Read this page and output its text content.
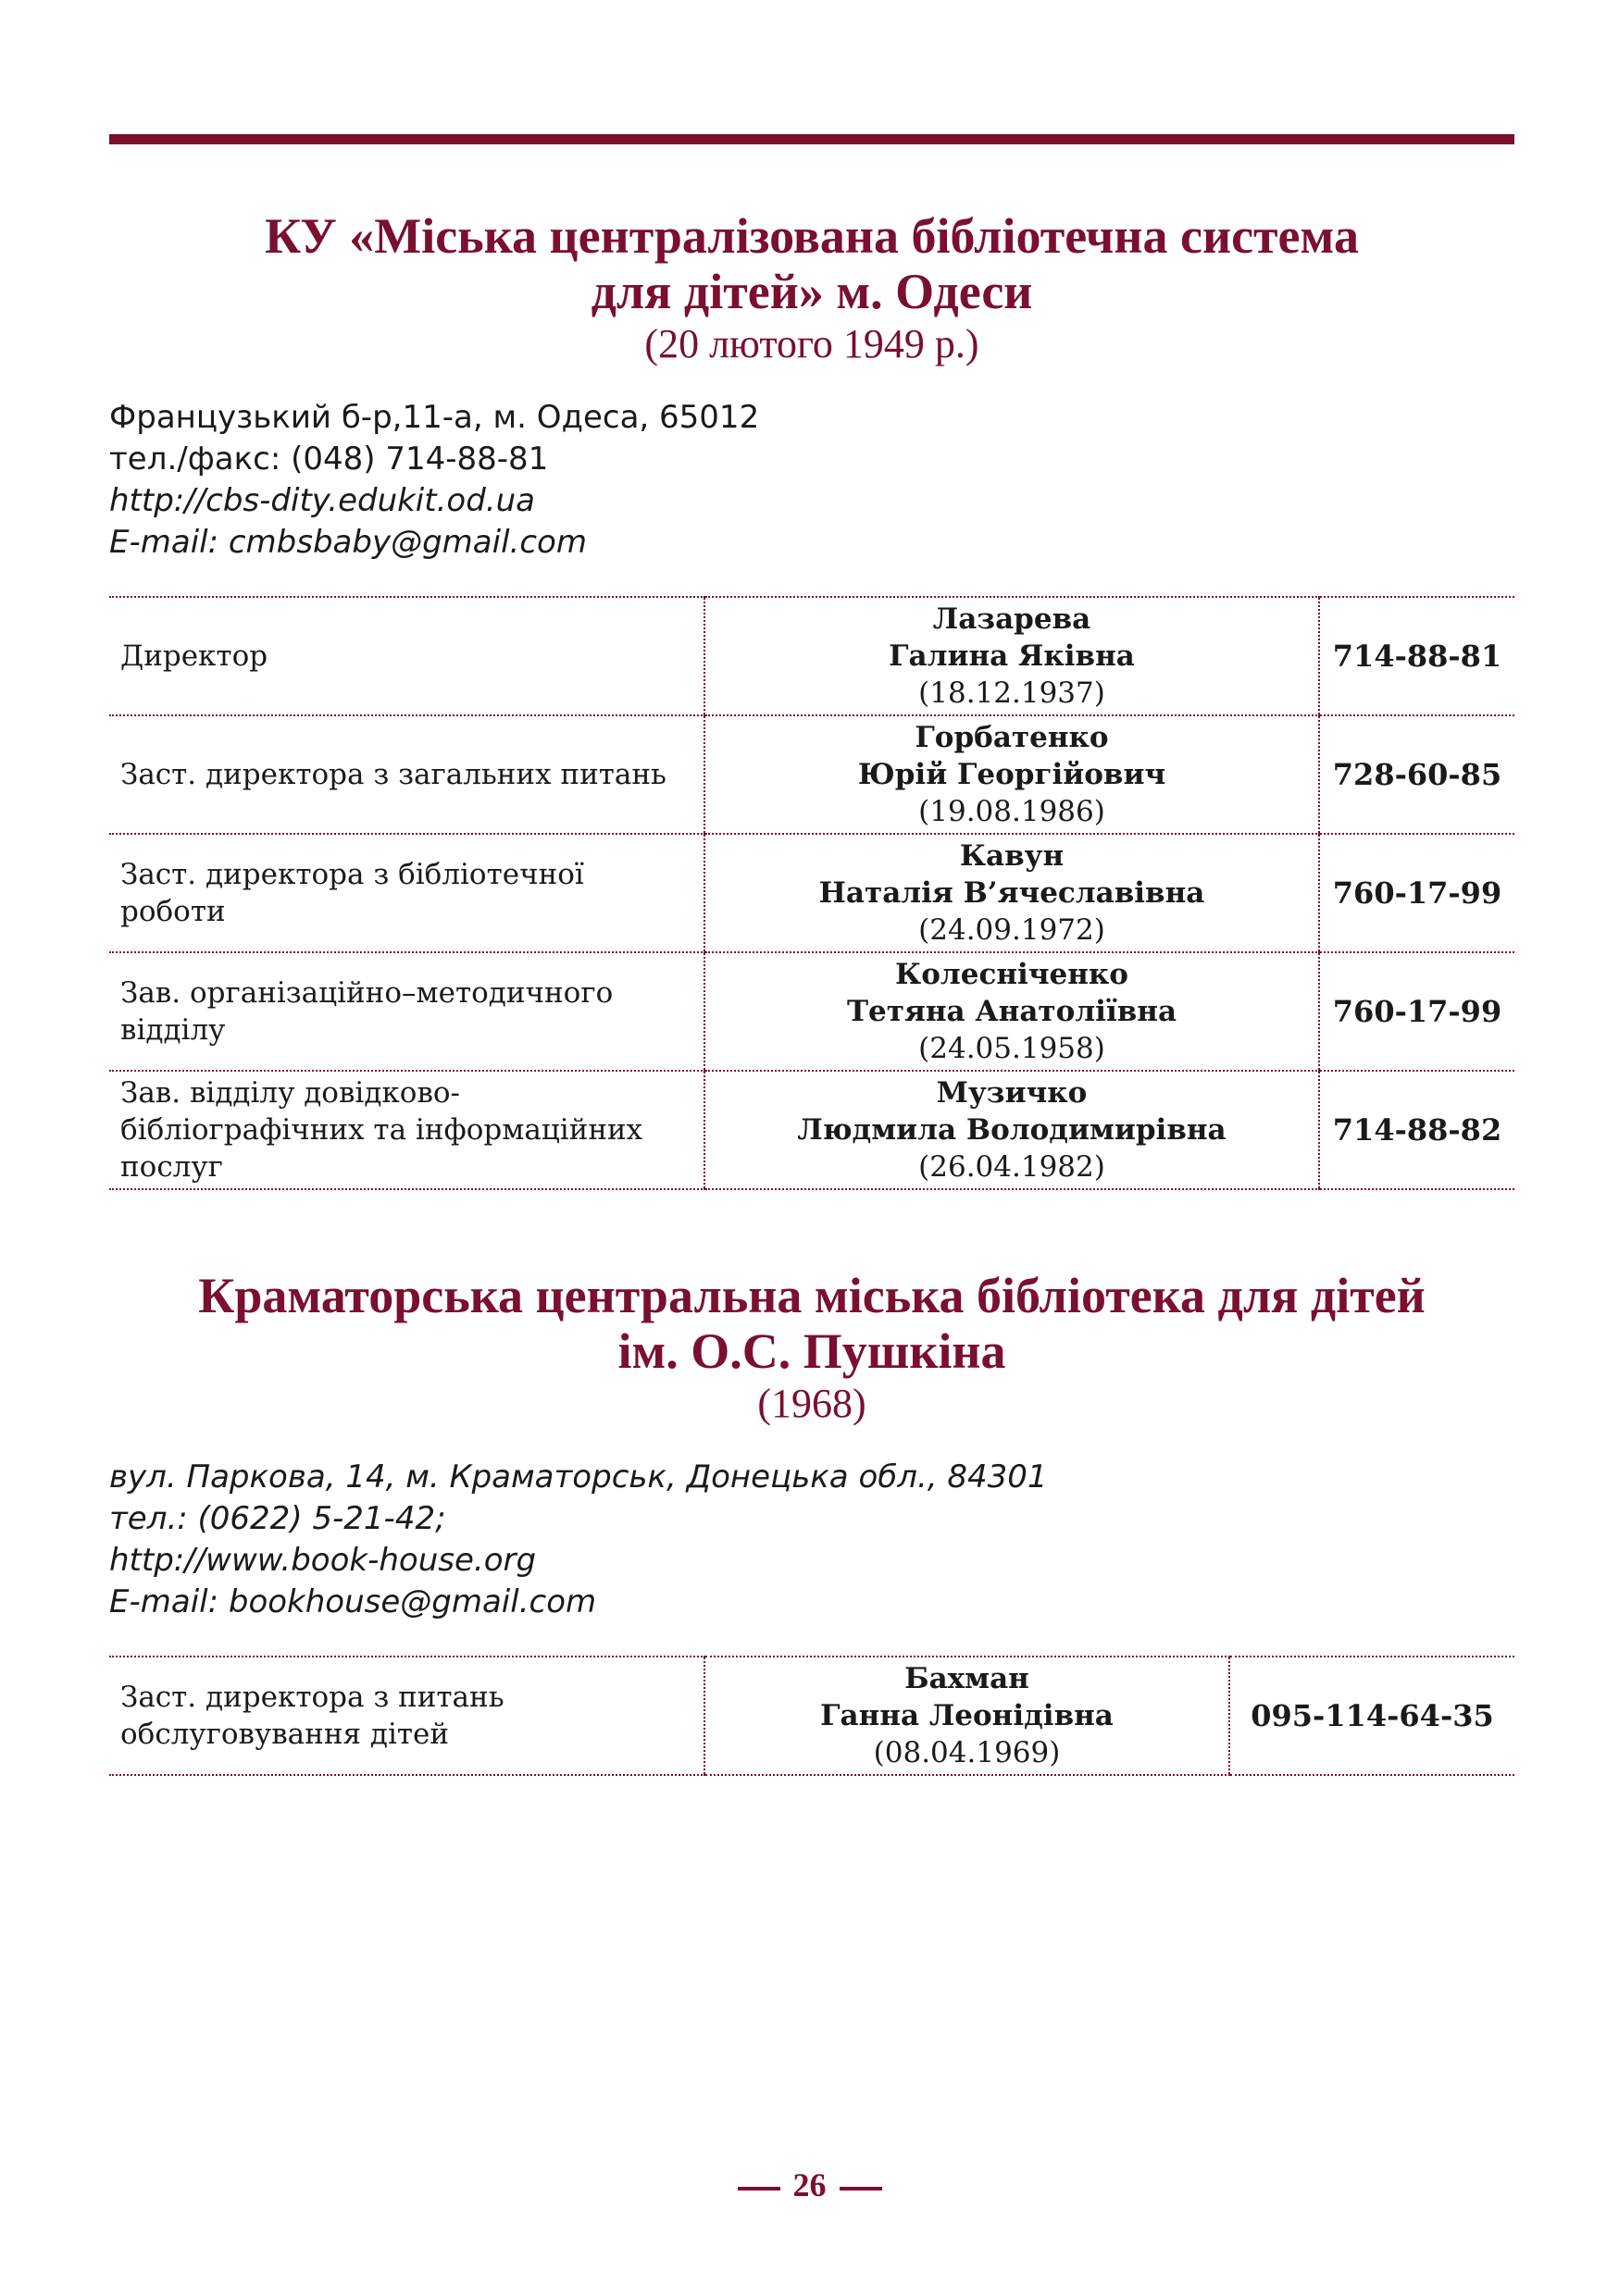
КУ «Міська централізована бібліотечна система
для дітей» м. Одеси
(20 лютого 1949 р.)
Французький б-р,11-а, м. Одеса, 65012
тел./факс: (048) 714-88-81
http://cbs-dity.edukit.od.ua
E-mail: cmbsbaby@gmail.com
Директор	Лазарева
Галина Яківна
(18.12.1937)	714-88-81
Заст. директора з загальних питань	Горбатенко
Юрій Георгійович
(19.08.1986)	728-60-85
Заст. директора з бібліотечної роботи	Кавун
Наталія В’ячеславівна
(24.09.1972)	760-17-99
Зав. організаційно–методичного відділу	Колесніченко
Тетяна Анатоліївна
(24.05.1958)	760-17-99
Зав. відділу довідково-бібліографічних та інформаційних послуг	Музичко
Людмила Володимирівна
(26.04.1982)	714-88-82
Краматорська центральна міська бібліотека для дітей
ім. О.С. Пушкіна
(1968)
вул. Паркова, 14, м. Краматорськ, Донецька обл., 84301
тел.: (0622) 5-21-42;
http://www.book-house.org
E-mail: bookhouse@gmail.com
Заст. директора з питань обслуговування дітей	
Бахман
Ганна Леонідівна
(08.04.1969)
	095-114-64-35
26
